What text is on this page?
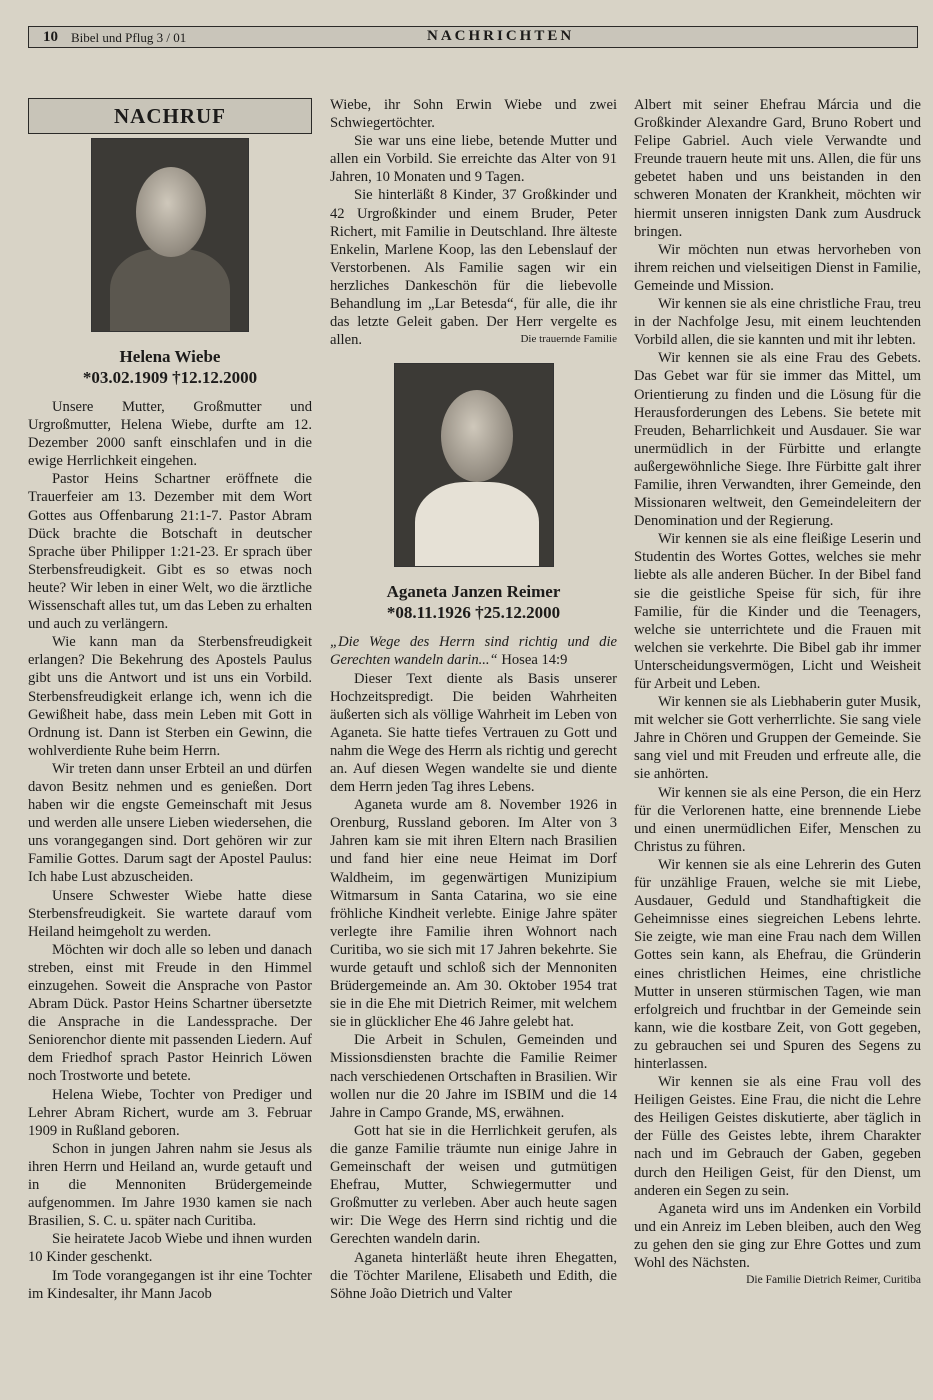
10 Bibel und Pflug 3 / 01	NACHRICHTEN
NACHRUF
Helena Wiebe
*03.02.1909 †12.12.2000

Unsere Mutter, Großmutter und Urgroßmutter, Helena Wiebe, durfte am 12. Dezember 2000 sanft einschlafen und in die ewige Herrlichkeit eingehen.

Pastor Heins Schartner eröffnete die Trauerfeier am 13. Dezember mit dem Wort Gottes aus Offenbarung 21:1-7. Pastor Abram Dück brachte die Botschaft in deutscher Sprache über Philipper 1:21-23. Er sprach über Sterbensfreudigkeit. Gibt es so etwas noch heute? Wir leben in einer Welt, wo die ärztliche Wissenschaft alles tut, um das Leben zu erhalten und auch zu verlängern.

Wie kann man da Sterbensfreudigkeit erlangen? Die Bekehrung des Apostels Paulus gibt uns die Antwort und ist uns ein Vorbild. Sterbensfreudigkeit erlange ich, wenn ich die Gewißheit habe, dass mein Leben mit Gott in Ordnung ist. Dann ist Sterben ein Gewinn, die wohlverdiente Ruhe beim Herrn.

Wir treten dann unser Erbteil an und dürfen davon Besitz nehmen und es genießen. Dort haben wir die engste Gemeinschaft mit Jesus und werden alle unsere Lieben wiedersehen, die uns vorangegangen sind. Dort gehören wir zur Familie Gottes. Darum sagt der Apostel Paulus: Ich habe Lust abzuscheiden.

Unsere Schwester Wiebe hatte diese Sterbensfreudigkeit. Sie wartete darauf vom Heiland heimgeholt zu werden.

Möchten wir doch alle so leben und danach streben, einst mit Freude in den Himmel einzugehen. Soweit die Ansprache von Pastor Abram Dück. Pastor Heins Schartner übersetzte die Ansprache in die Landessprache. Der Seniorenchor diente mit passenden Liedern. Auf dem Friedhof sprach Pastor Heinrich Löwen noch Trostworte und betete.

Helena Wiebe, Tochter von Prediger und Lehrer Abram Richert, wurde am 3. Februar 1909 in Rußland geboren.

Schon in jungen Jahren nahm sie Jesus als ihren Herrn und Heiland an, wurde getauft und in die Mennoniten Brüdergemeinde aufgenommen. Im Jahre 1930 kamen sie nach Brasilien, S. C. u. später nach Curitiba.

Sie heiratete Jacob Wiebe und ihnen wurden 10 Kinder geschenkt.

Im Tode vorangegangen ist ihr eine Tochter im Kindesalter, ihr Mann Jacob

Wiebe, ihr Sohn Erwin Wiebe und zwei Schwiegertöchter.

Sie war uns eine liebe, betende Mutter und allen ein Vorbild. Sie erreichte das Alter von 91 Jahren, 10 Monaten und 9 Tagen.

Sie hinterläßt 8 Kinder, 37 Großkinder und 42 Urgroßkinder und einem Bruder, Peter Richert, mit Familie in Deutschland. Ihre älteste Enkelin, Marlene Koop, las den Lebenslauf der Verstorbenen. Als Familie sagen wir ein herzliches Dankeschön für die liebevolle Behandlung im „Lar Betesda“, für alle, die ihr das letzte Geleit gaben. Der Herr vergelte es allen.	Die trauernde Familie
Aganeta Janzen Reimer
*08.11.1926 †25.12.2000

„Die Wege des Herrn sind richtig und die Gerechten wandeln darin...“ Hosea 14:9

Dieser Text diente als Basis unserer Hochzeitspredigt. Die beiden Wahrheiten äußerten sich als völlige Wahrheit im Leben von Aganeta. Sie hatte tiefes Vertrauen zu Gott und nahm die Wege des Herrn als richtig und gerecht an. Auf diesen Wegen wandelte sie und diente dem Herrn jeden Tag ihres Lebens.

Aganeta wurde am 8. November 1926 in Orenburg, Russland geboren. Im Alter von 3 Jahren kam sie mit ihren Eltern nach Brasilien und fand hier eine neue Heimat im Dorf Waldheim, im gegenwärtigen Munizipium Witmarsum in Santa Catarina, wo sie eine fröhliche Kindheit verlebte. Einige Jahre später verlegte ihre Familie ihren Wohnort nach Curitiba, wo sie sich mit 17 Jahren bekehrte. Sie wurde getauft und schloß sich der Mennoniten Brüdergemeinde an. Am 30. Oktober 1954 trat sie in die Ehe mit Dietrich Reimer, mit welchem sie in glücklicher Ehe 46 Jahre gelebt hat.

Die Arbeit in Schulen, Gemeinden und Missionsdiensten brachte die Familie Reimer nach verschiedenen Ortschaften in Brasilien. Wir wollen nur die 20 Jahre im ISBIM und die 14 Jahre in Campo Grande, MS, erwähnen.

Gott hat sie in die Herrlichkeit gerufen, als die ganze Familie träumte nun einige Jahre in Gemeinschaft der weisen und gutmütigen Ehefrau, Mutter, Schwiegermutter und Großmutter zu verleben. Aber auch heute sagen wir: Die Wege des Herrn sind richtig und die Gerechten wandeln darin.

Aganeta hinterläßt heute ihren Ehegatten, die Töchter Marilene, Elisabeth und Edith, die Söhne João Dietrich und Valter

Albert mit seiner Ehefrau Márcia und die Großkinder Alexandre Gard, Bruno Robert und Felipe Gabriel. Auch viele Verwandte und Freunde trauern heute mit uns. Allen, die für uns gebetet haben und uns beistanden in den schweren Monaten der Krankheit, möchten wir hiermit unseren innigsten Dank zum Ausdruck bringen.

Wir möchten nun etwas hervorheben von ihrem reichen und vielseitigen Dienst in Familie, Gemeinde und Mission.

Wir kennen sie als eine christliche Frau, treu in der Nachfolge Jesu, mit einem leuchtenden Vorbild allen, die sie kannten und mit ihr lebten.

Wir kennen sie als eine Frau des Gebets. Das Gebet war für sie immer das Mittel, um Orientierung zu finden und die Lösung für die Herausforderungen des Lebens. Sie betete mit Freuden, Beharrlichkeit und Ausdauer. Sie war unermüdlich in der Fürbitte und erlangte außergewöhnliche Siege. Ihre Fürbitte galt ihrer Familie, ihren Verwandten, ihrer Gemeinde, den Missionaren weltweit, den Gemeindeleitern der Denomination und der Regierung.

Wir kennen sie als eine fleißige Leserin und Studentin des Wortes Gottes, welches sie mehr liebte als alle anderen Bücher. In der Bibel fand sie die geistliche Speise für sich, für ihre Familie, für die Kinder und die Teenagers, welche sie unterrichtete und die Frauen mit welchen sie verkehrte. Die Bibel gab ihr immer Unterscheidungsvermögen, Licht und Weisheit für Arbeit und Leben.

Wir kennen sie als Liebhaberin guter Musik, mit welcher sie Gott verherrlichte. Sie sang viele Jahre in Chören und Gruppen der Gemeinde. Sie sang viel und mit Freuden und erfreute alle, die sie anhörten.

Wir kennen sie als eine Person, die ein Herz für die Verlorenen hatte, eine brennende Liebe und einen unermüdlichen Eifer, Menschen zu Christus zu führen.

Wir kennen sie als eine Lehrerin des Guten für unzählige Frauen, welche sie mit Liebe, Ausdauer, Geduld und Standhaftigkeit die Geheimnisse eines siegreichen Lebens lehrte. Sie zeigte, wie man eine Frau nach dem Willen Gottes sein kann, als Ehefrau, die Gründerin eines christlichen Heimes, eine christliche Mutter in unseren stürmischen Tagen, wie man erfolgreich und fruchtbar in der Gemeinde sein kann, wie die kostbare Zeit, von Gott gegeben, zu gebrauchen sei und Spuren des Segens zu hinterlassen.

Wir kennen sie als eine Frau voll des Heiligen Geistes. Eine Frau, die nicht die Lehre des Heiligen Geistes diskutierte, aber täglich in der Fülle des Geistes lebte, ihrem Charakter nach und im Gebrauch der Gaben, gegeben durch den Heiligen Geist, für den Dienst, um anderen ein Segen zu sein.

Aganeta wird uns im Andenken ein Vorbild und ein Anreiz im Leben bleiben, auch den Weg zu gehen den sie ging zur Ehre Gottes und zum Wohl des Nächsten.

Die Familie Dietrich Reimer, Curitiba
